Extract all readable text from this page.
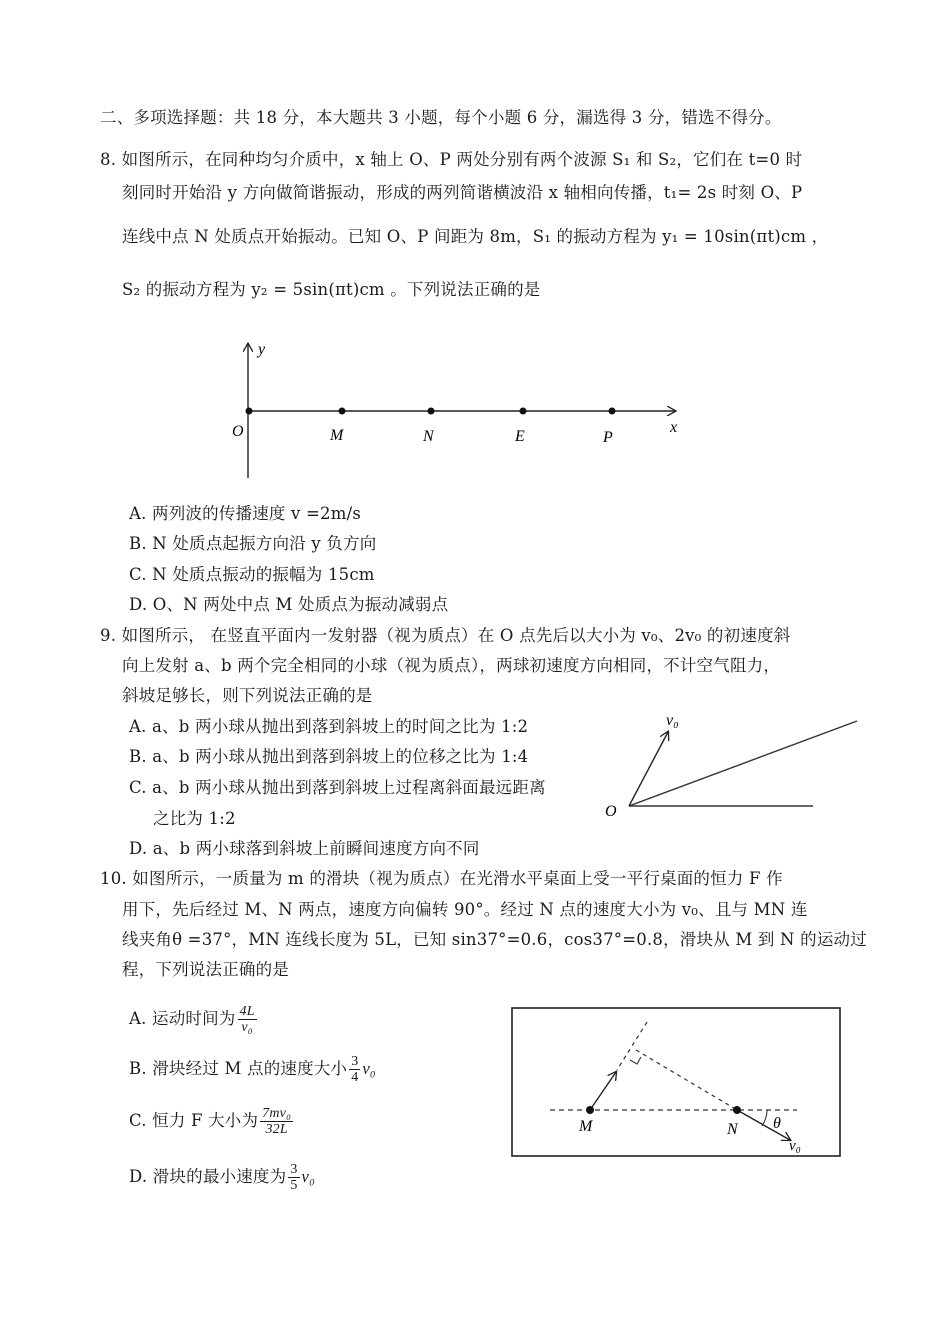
二、多项选择题：共 18 分，本大题共 3 小题，每个小题 6 分，漏选得 3 分，错选不得分。
8. 如图所示，在同种均匀介质中，x 轴上 O、P 两处分别有两个波源 S₁ 和 S₂，它们在 t=0 时
刻同时开始沿 y 方向做简谐振动，形成的两列简谐横波沿 x 轴相向传播，t₁= 2s 时刻 O、P
连线中点 N 处质点开始振动。已知 O、P 间距为 8m，S₁ 的振动方程为 y₁ = 10sin(πt)cm ，
S₂ 的振动方程为 y₂ = 5sin(πt)cm 。下列说法正确的是
y
x
O	M	N	E	P
A. 两列波的传播速度 v =2m/s
B. N 处质点起振方向沿 y 负方向
C. N 处质点振动的振幅为 15cm
D. O、N 两处中点 M 处质点为振动减弱点
9. 如图所示， 在竖直平面内一发射器（视为质点）在 O 点先后以大小为 v₀、2v₀ 的初速度斜
向上发射 a、b 两个完全相同的小球（视为质点），两球初速度方向相同，不计空气阻力，
斜坡足够长，则下列说法正确的是
A. a、b 两小球从抛出到落到斜坡上的时间之比为 1:2
B. a、b 两小球从抛出到落到斜坡上的位移之比为 1:4
C. a、b 两小球从抛出到落到斜坡上过程离斜面最远距离
之比为 1:2
D. a、b 两小球落到斜坡上前瞬间速度方向不同
v₀
O
10. 如图所示，一质量为 m 的滑块（视为质点）在光滑水平桌面上受一平行桌面的恒力 F 作
用下，先后经过 M、N 两点，速度方向偏转 90°。经过 N 点的速度大小为 v₀、且与 MN 连
线夹角θ =37°，MN 连线长度为 5L，已知 sin37°=0.6，cos37°=0.8，滑块从 M 到 N 的运动过
程，下列说法正确的是
A. 运动时间为 $\frac{4L}{\text{v₀}}$
B. 滑块经过 M 点的速度大小 $\frac{3}{4} v_0$
C. 恒力 F 大小为 $\frac{\text{7mv₀}}{32L}$
D. 滑块的最小速度为 $\frac{3}{5} v_0$
M	N θ
v₀
